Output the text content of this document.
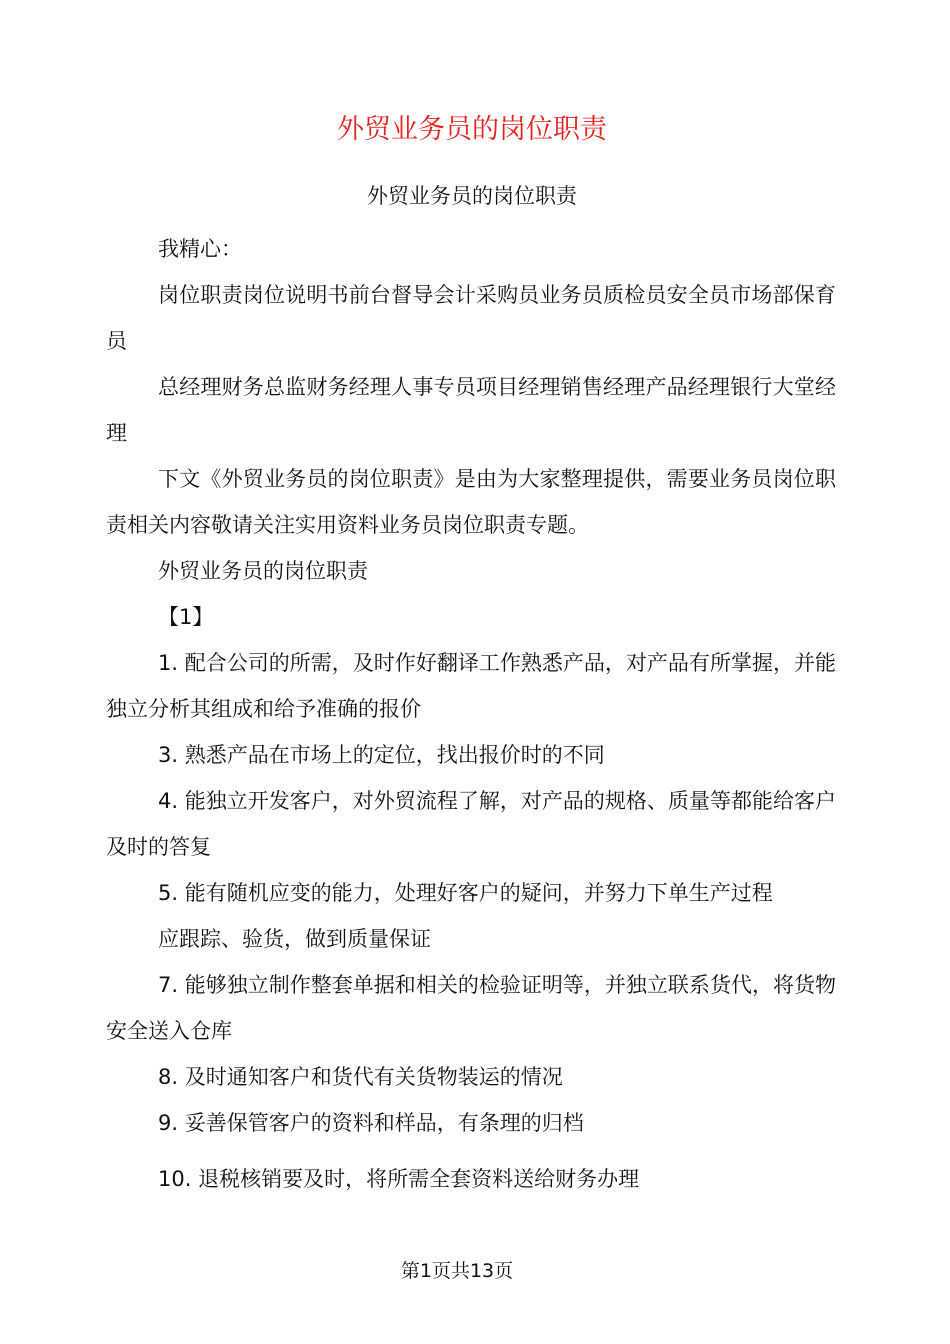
外贸业务员的岗位职责
外贸业务员的岗位职责

我精心：

岗位职责岗位说明书前台督导会计采购员业务员质检员安全员市场部保育员

总经理财务总监财务经理人事专员项目经理销售经理产品经理银行大堂经理

下文《外贸业务员的岗位职责》是由为大家整理提供，需要业务员岗位职责相关内容敬请关注实用资料业务员岗位职责专题。

外贸业务员的岗位职责

【1】

1. 配合公司的所需，及时作好翻译工作熟悉产品，对产品有所掌握，并能独立分析其组成和给予准确的报价

3. 熟悉产品在市场上的定位，找出报价时的不同

4. 能独立开发客户，对外贸流程了解，对产品的规格、质量等都能给客户及时的答复

5. 能有随机应变的能力，处理好客户的疑问，并努力下单生产过程

应跟踪、验货，做到质量保证

7. 能够独立制作整套单据和相关的检验证明等，并独立联系货代，将货物安全送入仓库

8. 及时通知客户和货代有关货物装运的情况

9. 妥善保管客户的资料和样品，有条理的归档

10. 退税核销要及时，将所需全套资料送给财务办理

第1页共13页
